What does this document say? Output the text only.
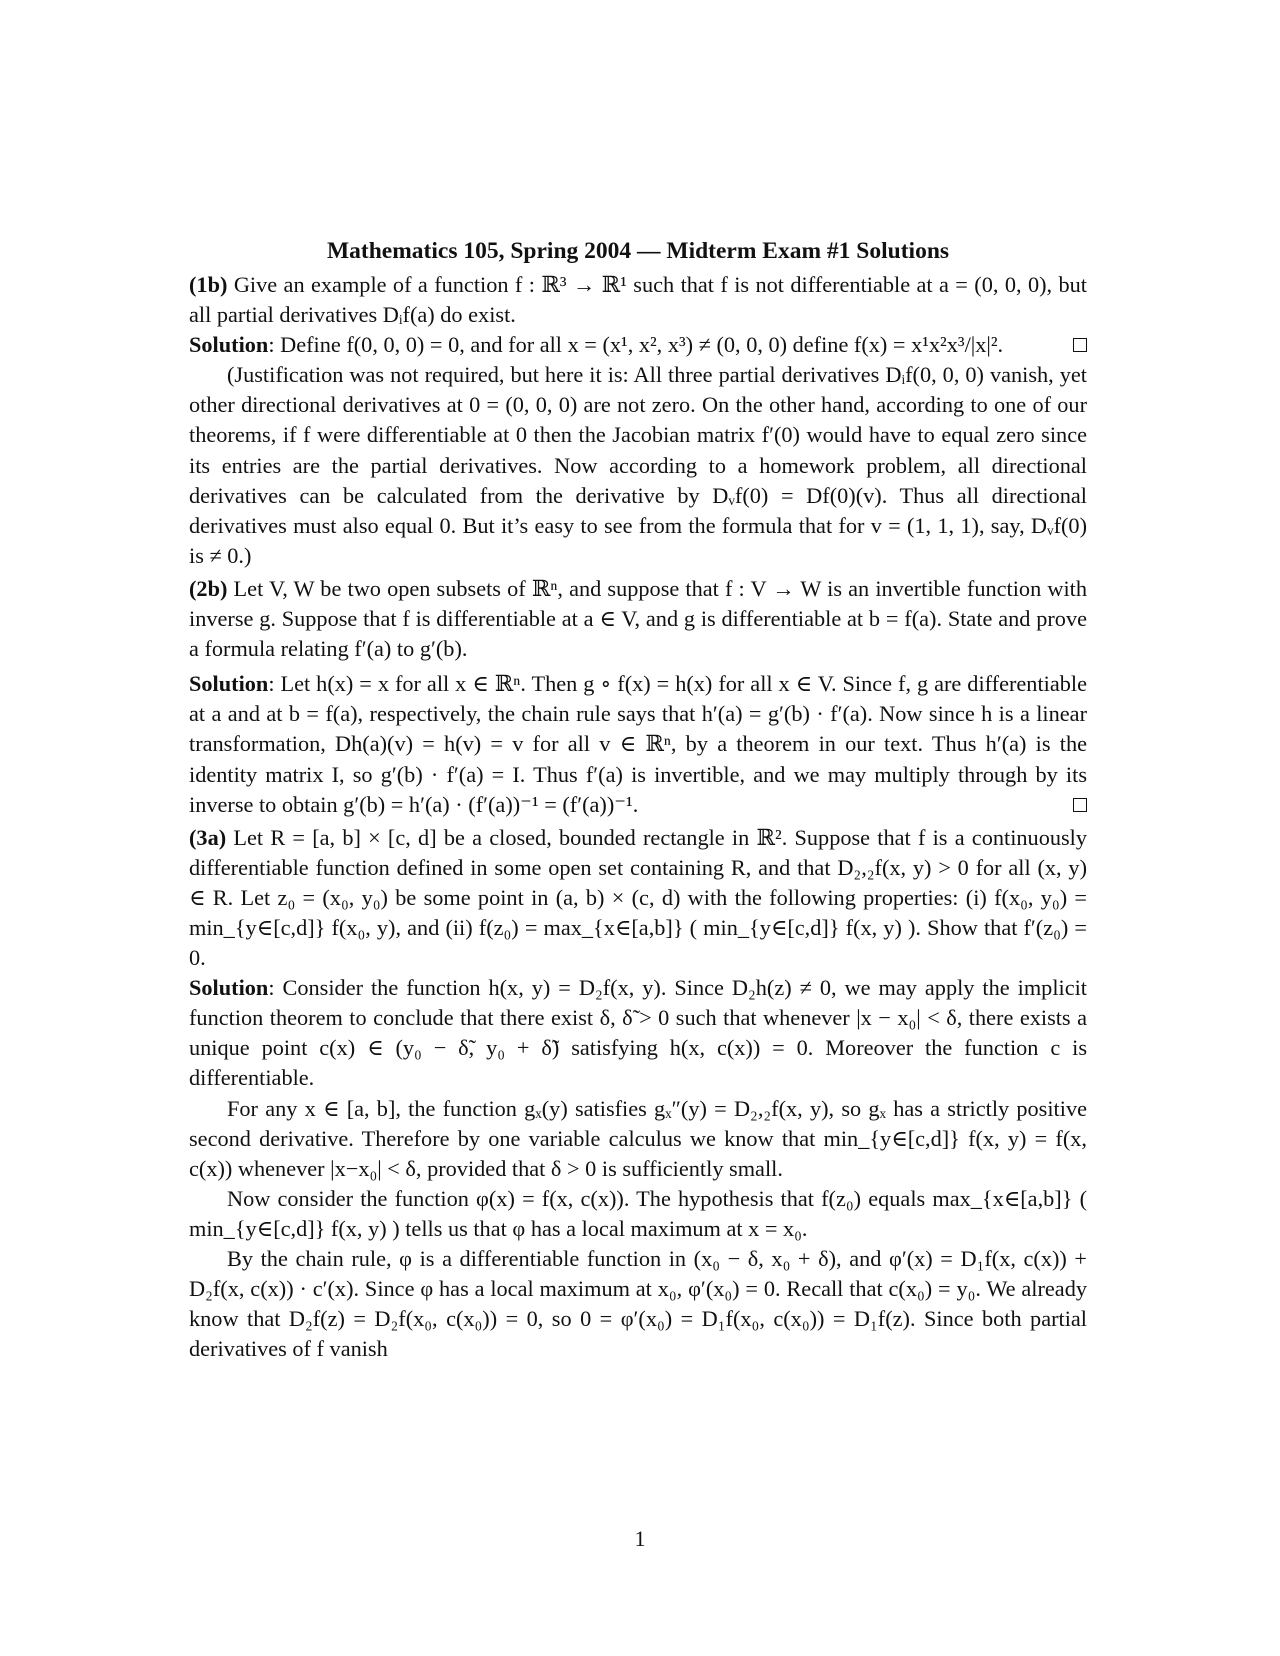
Mathematics 105, Spring 2004 — Midterm Exam #1 Solutions

(1b) Give an example of a function f : ℝ³ → ℝ¹ such that f is not differentiable at a = (0, 0, 0), but all partial derivatives Dᵢf(a) do exist.

Solution: Define f(0, 0, 0) = 0, and for all x = (x¹, x², x³) ≠ (0, 0, 0) define f(x) = x¹x²x³/|x|².

(Justification was not required, but here it is: All three partial derivatives Dᵢf(0, 0, 0) vanish, yet other directional derivatives at 0 = (0, 0, 0) are not zero. On the other hand, according to one of our theorems, if f were differentiable at 0 then the Jacobian matrix f′(0) would have to equal zero since its entries are the partial derivatives. Now according to a homework problem, all directional derivatives can be calculated from the derivative by Dᵥf(0) = Df(0)(v). Thus all directional derivatives must also equal 0. But it’s easy to see from the formula that for v = (1, 1, 1), say, Dᵥf(0) is ≠ 0.)

(2b) Let V, W be two open subsets of ℝⁿ, and suppose that f : V → W is an invertible function with inverse g. Suppose that f is differentiable at a ∈ V, and g is differentiable at b = f(a). State and prove a formula relating f′(a) to g′(b).

Solution: Let h(x) = x for all x ∈ ℝⁿ. Then g ∘ f(x) = h(x) for all x ∈ V. Since f, g are differentiable at a and at b = f(a), respectively, the chain rule says that h′(a) = g′(b) · f′(a). Now since h is a linear transformation, Dh(a)(v) = h(v) = v for all v ∈ ℝⁿ, by a theorem in our text. Thus h′(a) is the identity matrix I, so g′(b) · f′(a) = I. Thus f′(a) is invertible, and we may multiply through by its inverse to obtain g′(b) = h′(a) · (f′(a))⁻¹ = (f′(a))⁻¹.

(3a) Let R = [a, b] × [c, d] be a closed, bounded rectangle in ℝ². Suppose that f is a continuously differentiable function defined in some open set containing R, and that D₂,₂f(x, y) > 0 for all (x, y) ∈ R. Let z₀ = (x₀, y₀) be some point in (a, b) × (c, d) with the following properties: (i) f(x₀, y₀) = min_{y∈[c,d]} f(x₀, y), and (ii) f(z₀) = max_{x∈[a,b]} ( min_{y∈[c,d]} f(x, y) ). Show that f′(z₀) = 0.

Solution: Consider the function h(x, y) = D₂f(x, y). Since D₂h(z) ≠ 0, we may apply the implicit function theorem to conclude that there exist δ, δ̃ > 0 such that whenever |x − x₀| < δ, there exists a unique point c(x) ∈ (y₀ − δ̃, y₀ + δ̃) satisfying h(x, c(x)) = 0. Moreover the function c is differentiable.

For any x ∈ [a, b], the function gₓ(y) satisfies gₓ″(y) = D₂,₂f(x, y), so gₓ has a strictly positive second derivative. Therefore by one variable calculus we know that min_{y∈[c,d]} f(x, y) = f(x, c(x)) whenever |x−x₀| < δ, provided that δ > 0 is sufficiently small.

Now consider the function φ(x) = f(x, c(x)). The hypothesis that f(z₀) equals max_{x∈[a,b]} ( min_{y∈[c,d]} f(x, y) ) tells us that φ has a local maximum at x = x₀.

By the chain rule, φ is a differentiable function in (x₀ − δ, x₀ + δ), and φ′(x) = D₁f(x, c(x)) + D₂f(x, c(x)) · c′(x). Since φ has a local maximum at x₀, φ′(x₀) = 0. Recall that c(x₀) = y₀. We already know that D₂f(z) = D₂f(x₀, c(x₀)) = 0, so 0 = φ′(x₀) = D₁f(x₀, c(x₀)) = D₁f(z). Since both partial derivatives of f vanish

1
